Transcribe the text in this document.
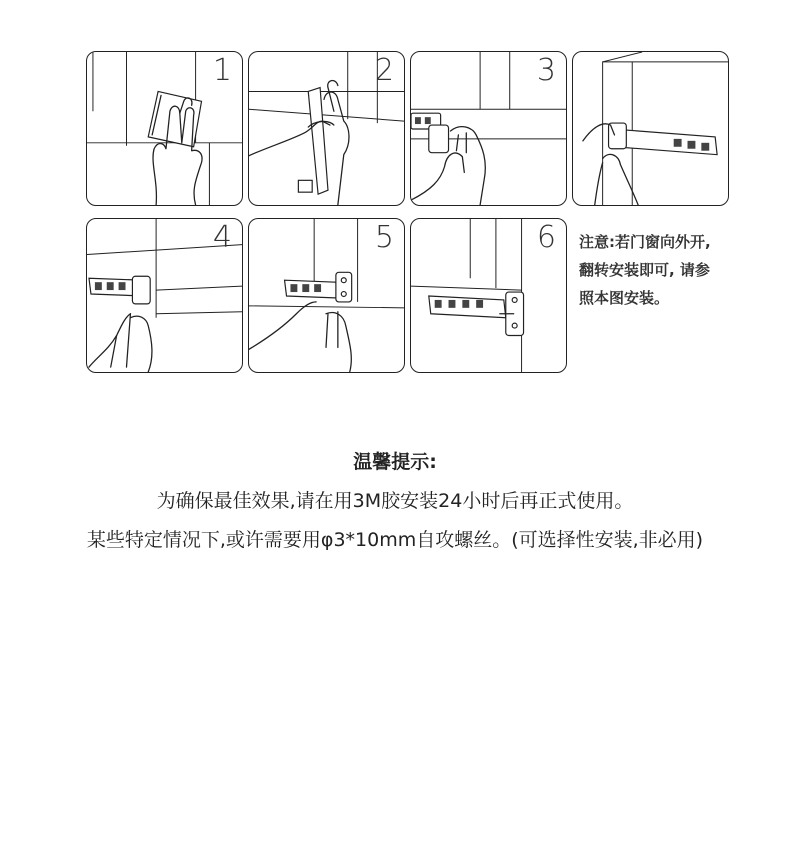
1	2	3
4	5	6 注意:若门窗向外开,
翻转安装即可, 请参
照本图安装。
温馨提示:
为确保最佳效果,请在用3M胶安装24小时后再正式使用。
某些特定情况下,或许需要用φ3*10mm自攻螺丝。(可选择性安装,非必用)
